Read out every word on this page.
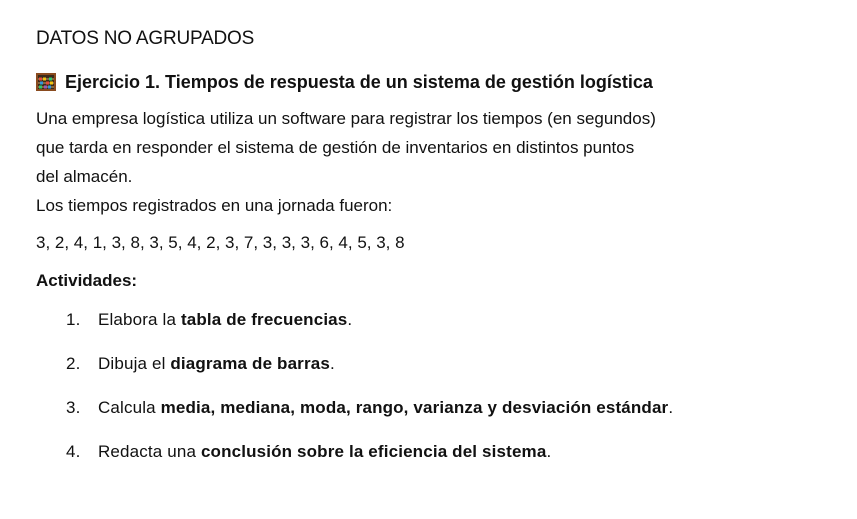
DATOS NO AGRUPADOS
Ejercicio 1. Tiempos de respuesta de un sistema de gestión logística

Una empresa logística utiliza un software para registrar los tiempos (en segundos)

que tarda en responder el sistema de gestión de inventarios en distintos puntos

del almacén.

Los tiempos registrados en una jornada fueron:

3, 2, 4, 1, 3, 8, 3, 5, 4, 2, 3, 7, 3, 3, 3, 6, 4, 5, 3, 8
Actividades:
1.	Elabora la tabla de frecuencias.
2.	Dibuja el diagrama de barras.
3.	Calcula media, mediana, moda, rango, varianza y desviación estándar.
4.	Redacta una conclusión sobre la eficiencia del sistema.
